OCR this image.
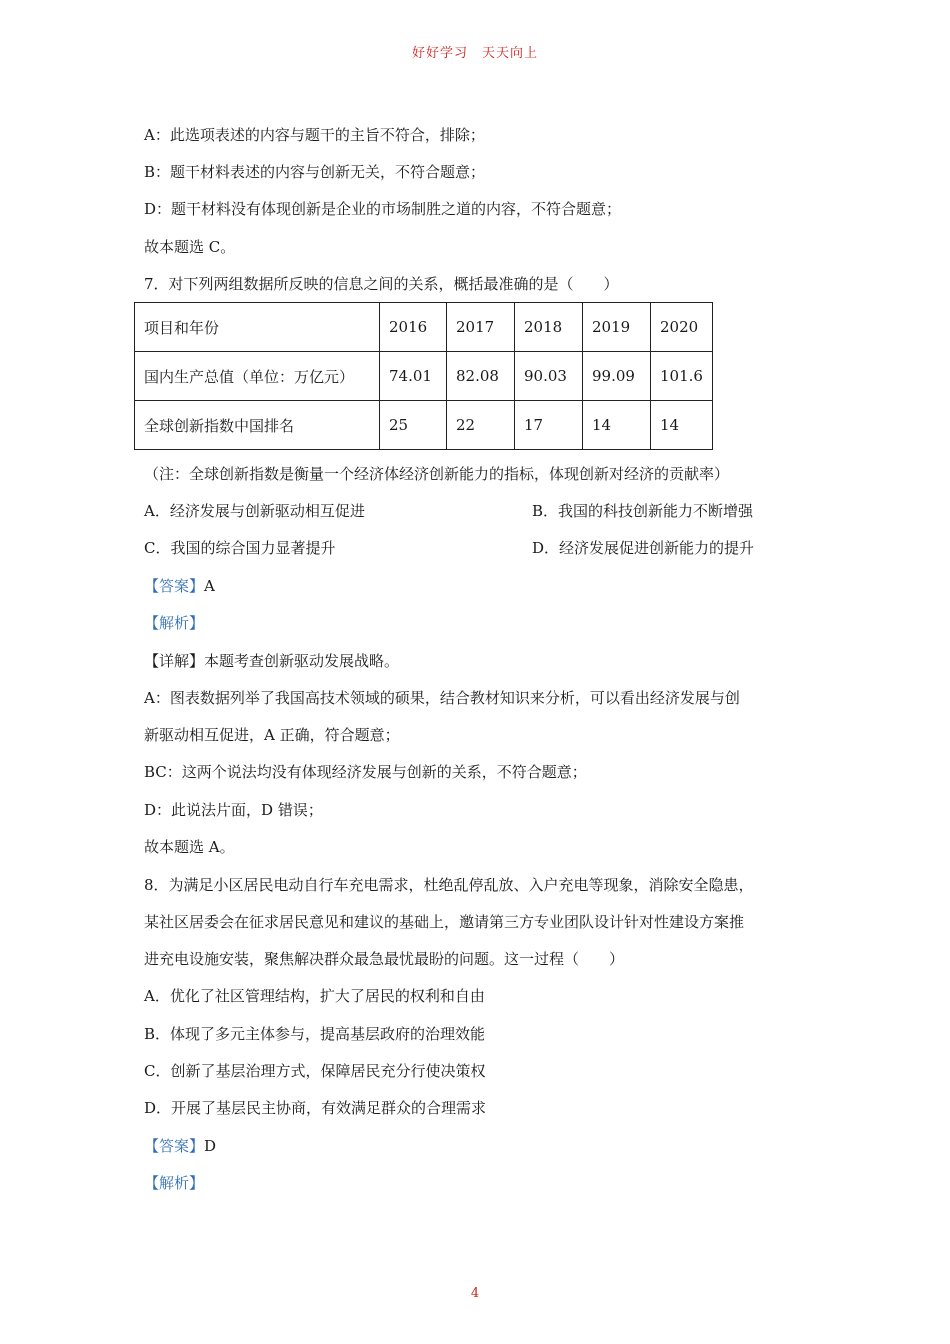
好好学习　天天向上
A：此选项表述的内容与题干的主旨不符合，排除；
B：题干材料表述的内容与创新无关，不符合题意；
D：题干材料没有体现创新是企业的市场制胜之道的内容，不符合题意；
故本题选 C。
7．对下列两组数据所反映的信息之间的关系，概括最准确的是（　　）
项目和年份	2016	2017	2018	2019	2020
国内生产总值（单位：万亿元）	74.01	82.08	90.03	99.09	101.6
全球创新指数中国排名	25	22	17	14	14
（注：全球创新指数是衡量一个经济体经济创新能力的指标，体现创新对经济的贡献率）
A．经济发展与创新驱动相互促进	B．我国的科技创新能力不断增强
C．我国的综合国力显著提升	D．经济发展促进创新能力的提升
【答案】A
【解析】
【详解】本题考查创新驱动发展战略。
A：图表数据列举了我国高技术领域的硕果，结合教材知识来分析，可以看出经济发展与创
新驱动相互促进，A 正确，符合题意；
BC：这两个说法均没有体现经济发展与创新的关系，不符合题意；
D：此说法片面，D 错误；
故本题选 A。
8．为满足小区居民电动自行车充电需求，杜绝乱停乱放、入户充电等现象，消除安全隐患，
某社区居委会在征求居民意见和建议的基础上，邀请第三方专业团队设计针对性建设方案推
进充电设施安装，聚焦解决群众最急最忧最盼的问题。这一过程（　　）
A．优化了社区管理结构，扩大了居民的权利和自由
B．体现了多元主体参与，提高基层政府的治理效能
C．创新了基层治理方式，保障居民充分行使决策权
D．开展了基层民主协商，有效满足群众的合理需求
【答案】D
【解析】
4
